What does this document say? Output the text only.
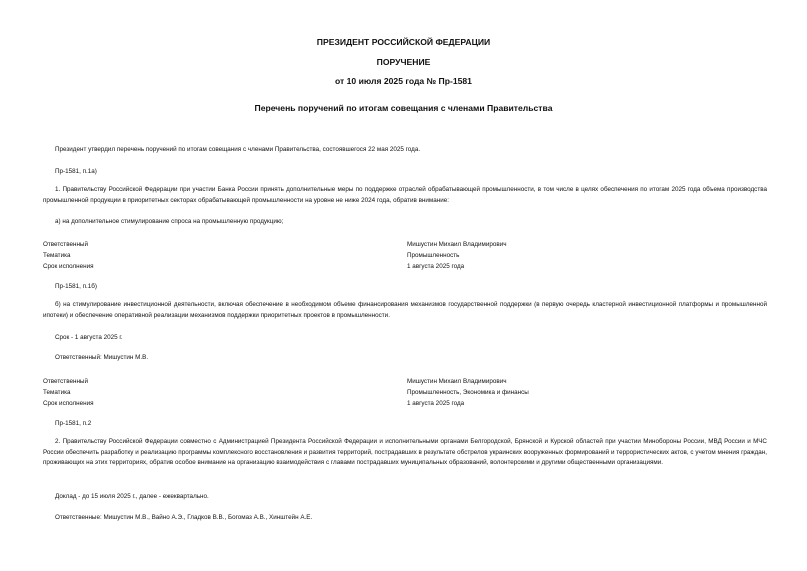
ПРЕЗИДЕНТ РОССИЙСКОЙ ФЕДЕРАЦИИ
ПОРУЧЕНИЕ
от 10 июля 2025 года № Пр-1581
Перечень поручений по итогам совещания с членами Правительства
Президент утвердил перечень поручений по итогам совещания с членами Правительства, состоявшегося 22 мая 2025 года.
Пр-1581, п.1а)
1. Правительству Российской Федерации при участии Банка России принять дополнительные меры по поддержке отраслей обрабатывающей промышленности, в том числе в целях обеспечения по итогам 2025 года объема производства промышленной продукции в приоритетных секторах обрабатывающей промышленности на уровне не ниже 2024 года, обратив внимание:
а) на дополнительное стимулирование спроса на промышленную продукцию;
Ответственный	Мишустин Михаил Владимирович
Тематика	Промышленность
Срок исполнения	1 августа 2025 года
Пр-1581, п.1б)
б) на стимулирование инвестиционной деятельности, включая обеспечение в необходимом объеме финансирования механизмов государственной поддержки (в первую очередь кластерной инвестиционной платформы и промышленной ипотеки) и обеспечение оперативной реализации механизмов поддержки приоритетных проектов в промышленности.
Срок - 1 августа 2025 г.
Ответственный: Мишустин М.В.
Ответственный	Мишустин Михаил Владимирович
Тематика	Промышленность, Экономика и финансы
Срок исполнения	1 августа 2025 года
Пр-1581, п.2
2. Правительству Российской Федерации совместно с Администрацией Президента Российской Федерации и исполнительными органами Белгородской, Брянской и Курской областей при участии Минобороны России, МВД России и МЧС России обеспечить разработку и реализацию программы комплексного восстановления и развития территорий, пострадавших в результате обстрелов украинских вооруженных формирований и террористических актов, с учетом мнения граждан, проживающих на этих территориях, обратив особое внимание на организацию взаимодействия с главами пострадавших муниципальных образований, волонтерскими и другими общественными организациями.
Доклад - до 15 июля 2025 г., далее - ежеквартально.
Ответственные: Мишустин М.В., Вайно А.Э., Гладков В.В., Богомаз А.В., Хинштейн А.Е.
